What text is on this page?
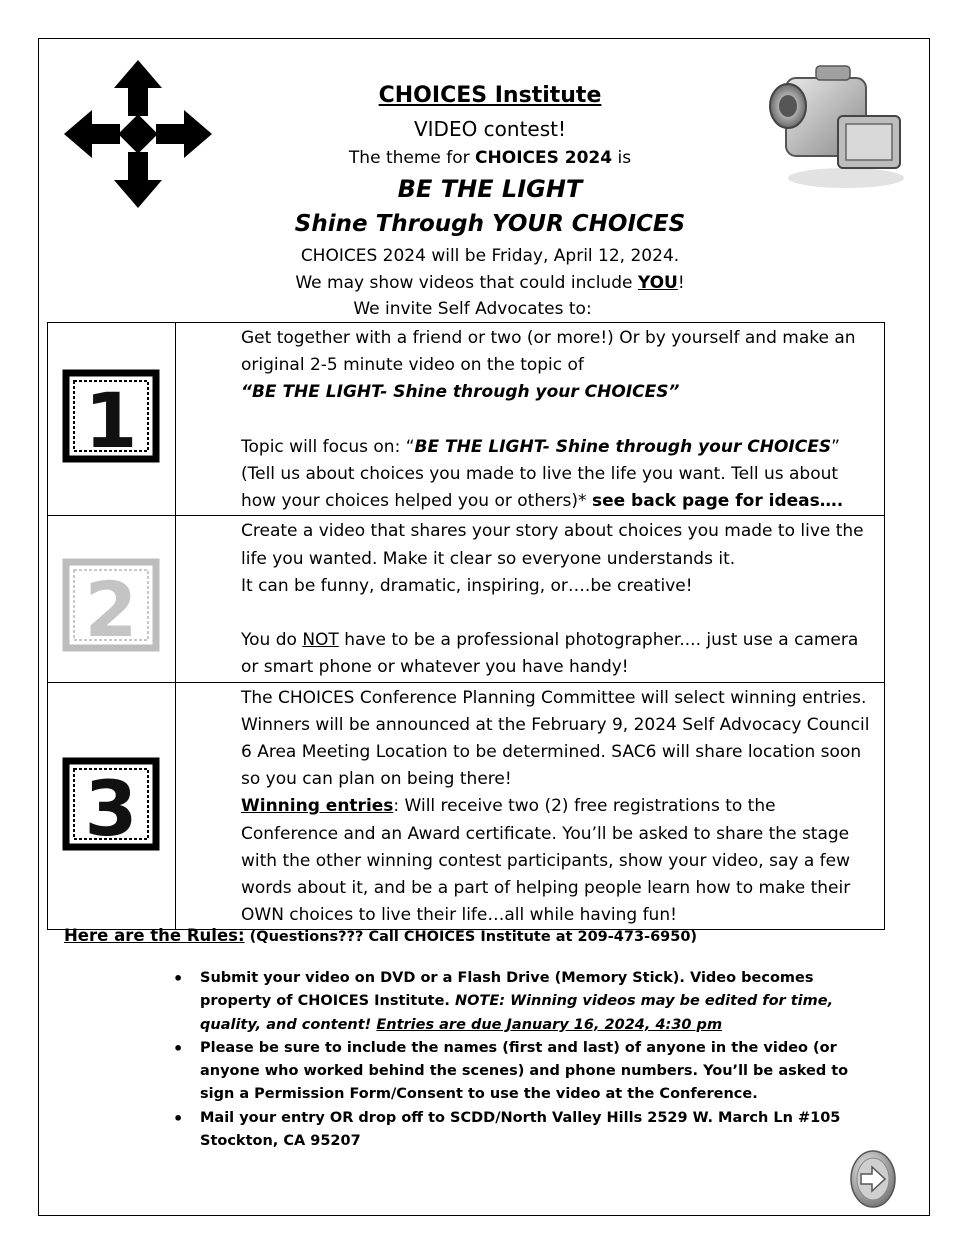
CHOICES Institute
VIDEO contest!
The theme for CHOICES 2024 is
BE THE LIGHT
Shine Through YOUR CHOICES
CHOICES 2024 will be Friday, April 12, 2024.
We may show videos that could include YOU!
We invite Self Advocates to:
1	Get together with a friend or two (or more!) Or by yourself and make an original 2-5 minute video on the topic of

“BE THE LIGHT- Shine through your CHOICES”

Topic will focus on: “BE THE LIGHT- Shine through your CHOICES”

(Tell us about choices you made to live the life you want. Tell us about how your choices helped you or others)* see back page for ideas….

2	Create a video that shares your story about choices you made to live the life you wanted. Make it clear so everyone understands it.

It can be funny, dramatic, inspiring, or….be creative!

You do NOT have to be a professional photographer.... just use a camera or smart phone or whatever you have handy!

3	The CHOICES Conference Planning Committee will select winning entries. Winners will be announced at the February 9, 2024 Self Advocacy Council 6 Area Meeting Location to be determined. SAC6 will share location soon so you can plan on being there!

Winning entries: Will receive two (2) free registrations to the Conference and an Award certificate. You’ll be asked to share the stage with the other winning contest participants, show your video, say a few words about it, and be a part of helping people learn how to make their OWN choices to live their life…all while having fun!

Here are the Rules: (Questions??? Call CHOICES Institute at 209-473-6950)
• Submit your video on DVD or a Flash Drive (Memory Stick). Video becomes property of CHOICES Institute. NOTE: Winning videos may be edited for time, quality, and content! Entries are due January 16, 2024, 4:30 pm
• Please be sure to include the names (first and last) of anyone in the video (or anyone who worked behind the scenes) and phone numbers. You’ll be asked to sign a Permission Form/Consent to use the video at the Conference.
• Mail your entry OR drop off to SCDD/North Valley Hills 2529 W. March Ln #105 Stockton, CA 95207
